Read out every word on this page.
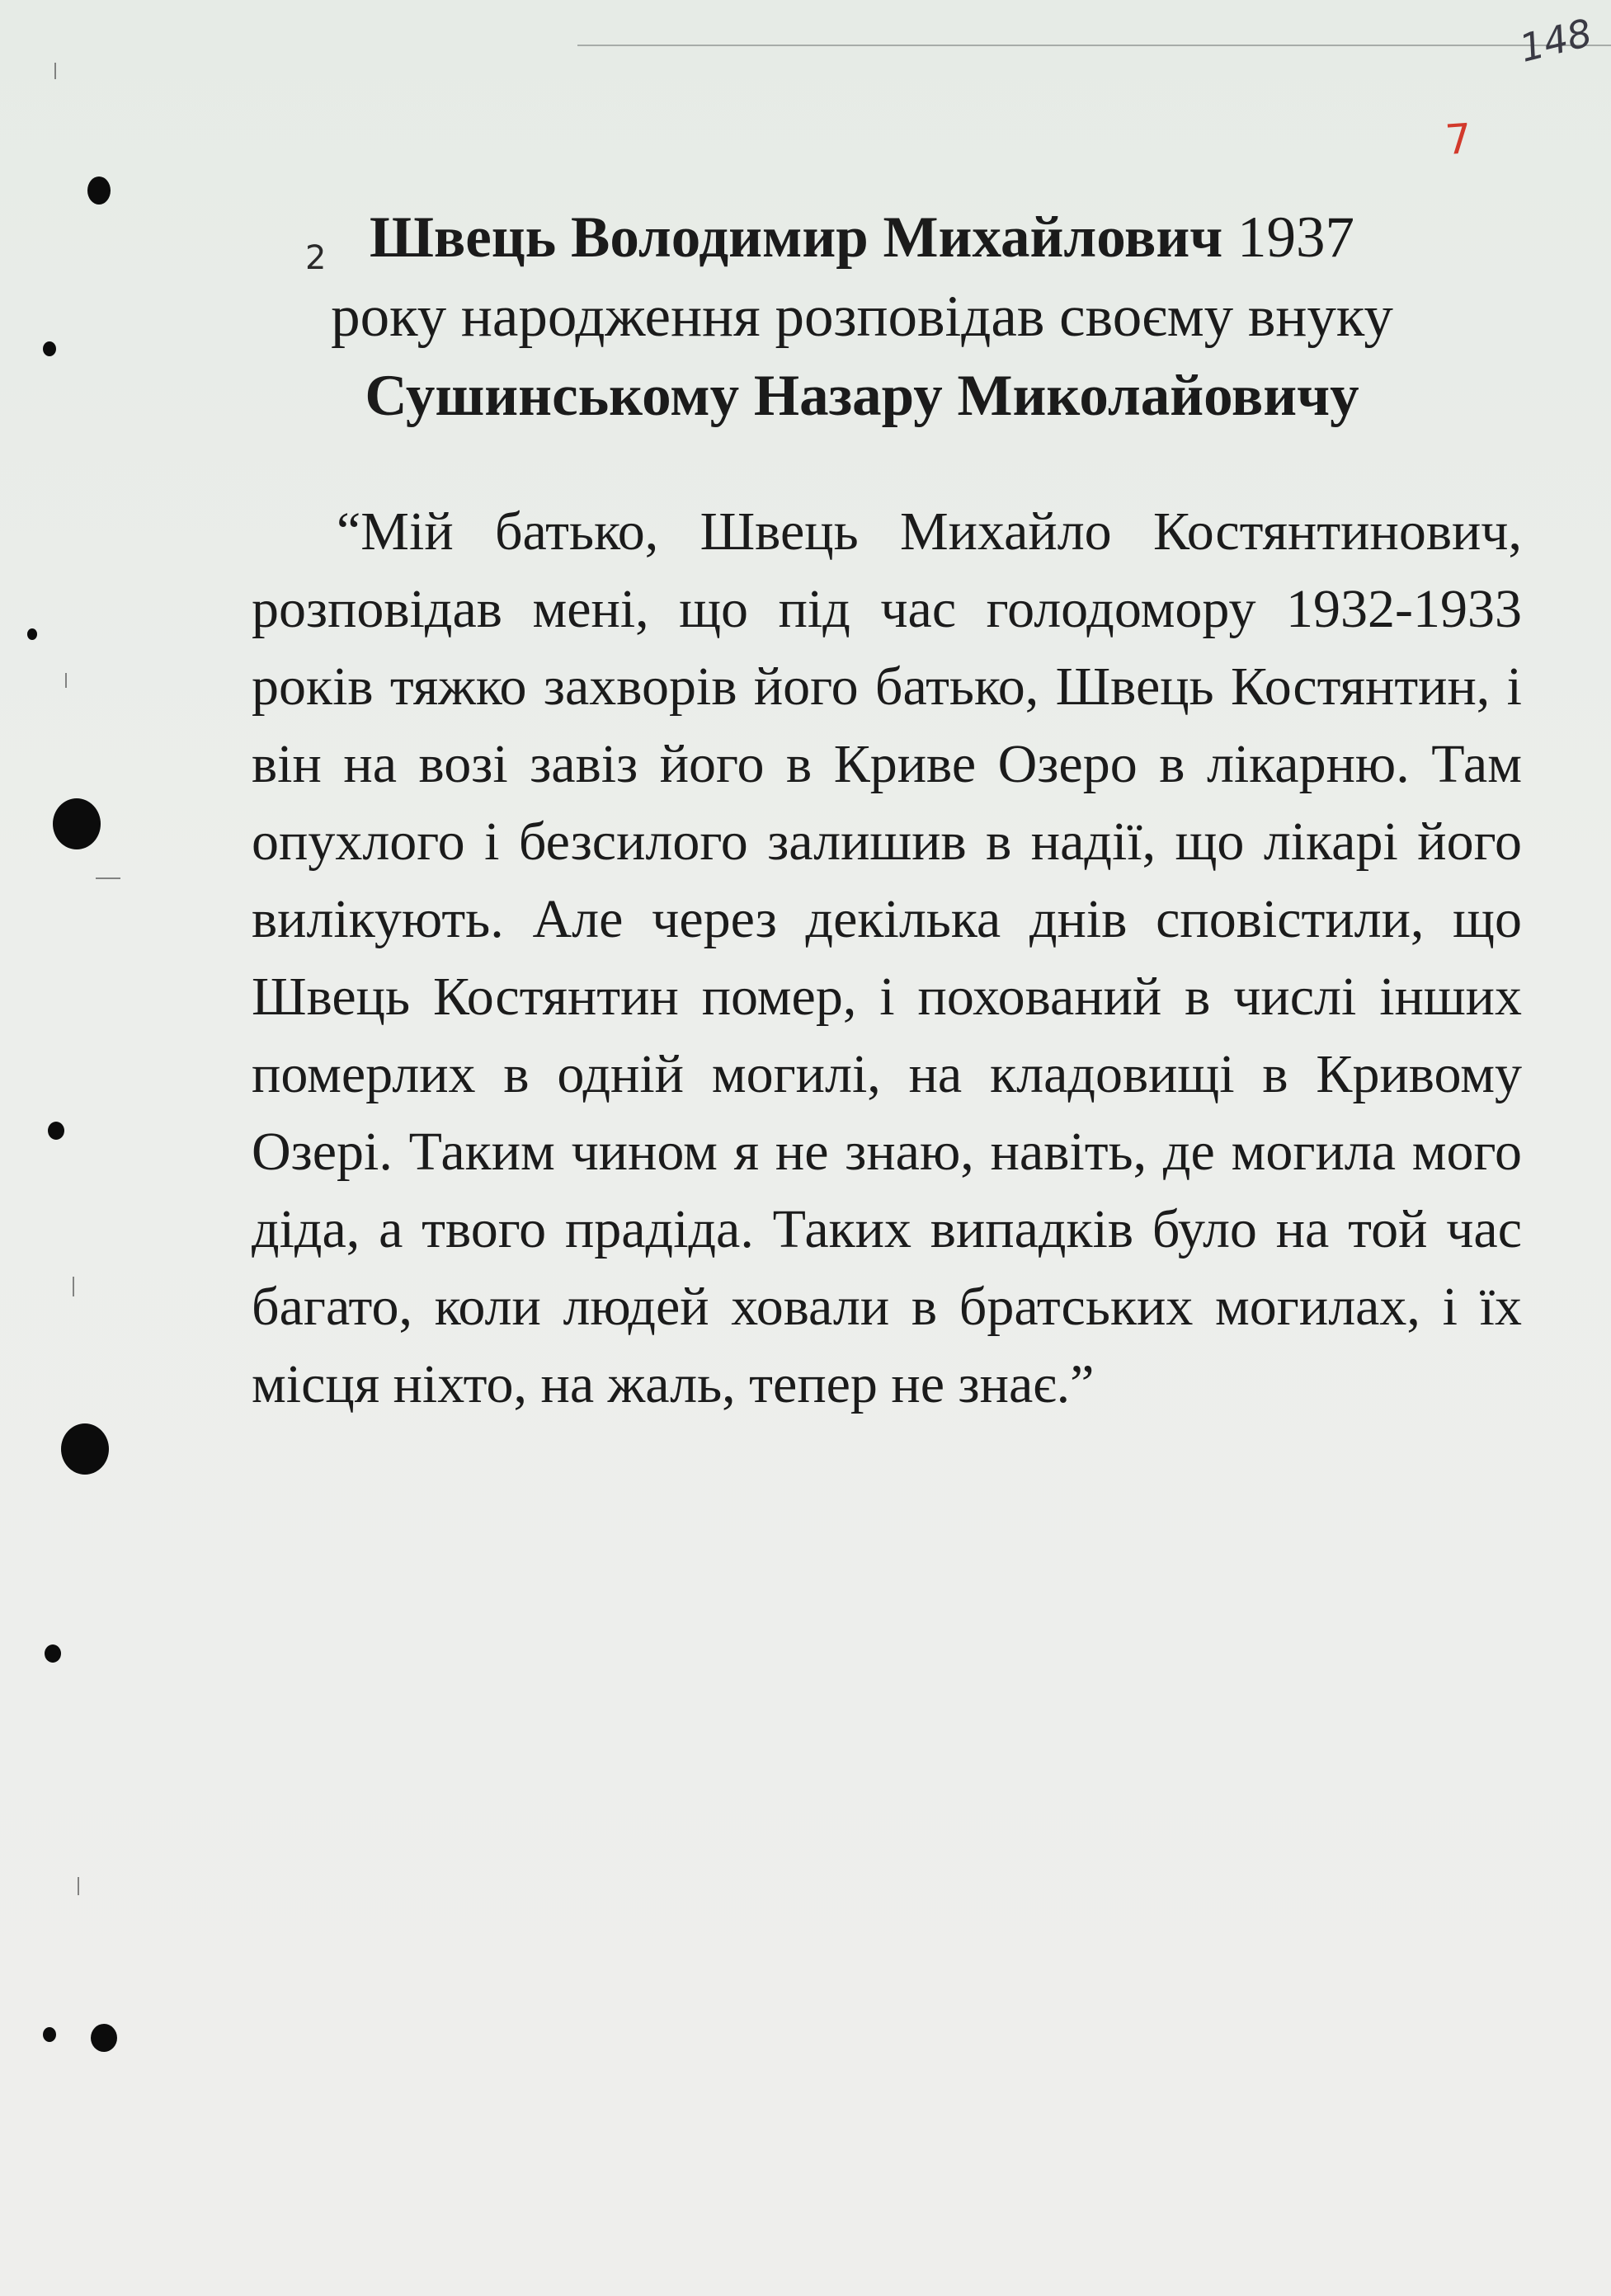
148
7
2 Швець Володимир Михайлович 1937
року народження розповідав своєму внуку
Сушинському Назару Миколайовичу

“Мій батько, Швець Михайло Костянтинович, розповідав мені, що під час голодомору 1932-1933 років тяжко захворів його батько, Швець Костянтин, і він на возі завіз його в Криве Озеро в лікарню. Там опухлого і безсилого залишив в надії, що лікарі його вилікують. Але через декілька днів сповістили, що Швець Костянтин помер, і похований в числі інших померлих в одній могилі, на кладовищі в Кривому Озері. Таким чином я не знаю, навіть, де могила мого діда, а твого прадіда. Таких випадків було на той час багато, коли людей ховали в братських могилах, і їх місця ніхто, на жаль, тепер не знає.”
